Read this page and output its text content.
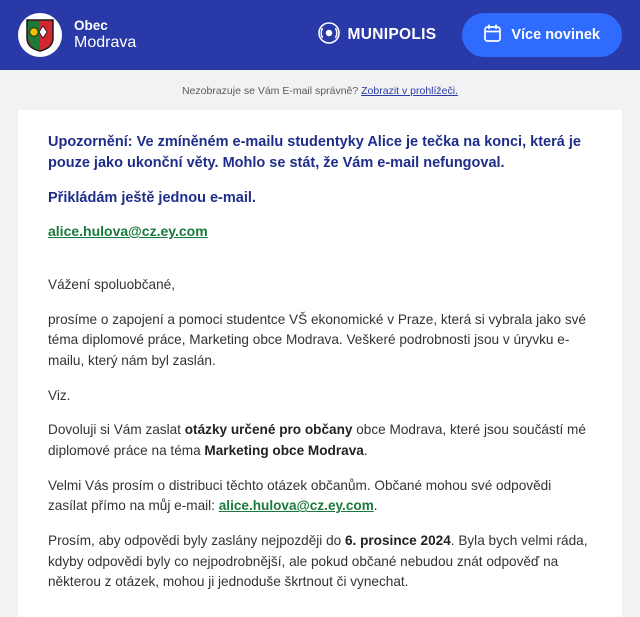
Obec
Modrava	MUNIPOLIS	Více novinek
Nezobrazuje se Vám E-mail správně? Zobrazit v prohlížeči.

Upozornění: Ve zmíněném e-mailu studentyky Alice je tečka na konci, která je pouze jako ukonční věty. Mohlo se stát, že Vám e-mail nefungoval.

Přikládám ještě jednou e-mail.

alice.hulova@cz.ey.com

Vážení spoluobčané,

prosíme o zapojení a pomoci studentce VŠ ekonomické v Praze, která si vybrala jako své téma diplomové práce, Marketing obce Modrava. Veškeré podrobnosti jsou v úryvku e-mailu, který nám byl zaslán.

Viz.

Dovoluji si Vám zaslat otázky určené pro občany obce Modrava, které jsou součástí mé diplomové práce na téma Marketing obce Modrava.

Velmi Vás prosím o distribuci těchto otázek občanům. Občané mohou své odpovědi zasílat přímo na můj e-mail: alice.hulova@cz.ey.com.

Prosím, aby odpovědi byly zaslány nejpozději do 6. prosince 2024. Byla bych velmi ráda, kdyby odpovědi byly co nejpodrobnější, ale pokud občané nebudou znát odpověď na některou z otázek, mohou ji jednoduše škrtnout či vynechat.
